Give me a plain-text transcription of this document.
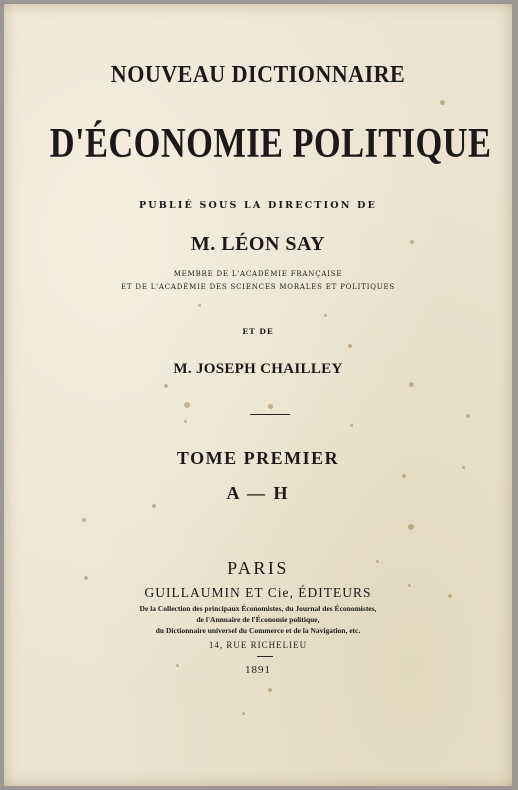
NOUVEAU DICTIONNAIRE
D'ÉCONOMIE POLITIQUE
PUBLIÉ SOUS LA DIRECTION DE
M. LÉON SAY
MEMBRE DE L'ACADÉMIE FRANÇAISE
ET DE L'ACADÉMIE DES SCIENCES MORALES ET POLITIQUES
ET DE
M. JOSEPH CHAILLEY
TOME PREMIER
A — H
PARIS
GUILLAUMIN ET Cie, ÉDITEURS
De la Collection des principaux Économistes, du Journal des Économistes,
de l'Annuaire de l'Économie politique,
du Dictionnaire universel du Commerce et de la Navigation, etc.
14, RUE RICHELIEU
1891
